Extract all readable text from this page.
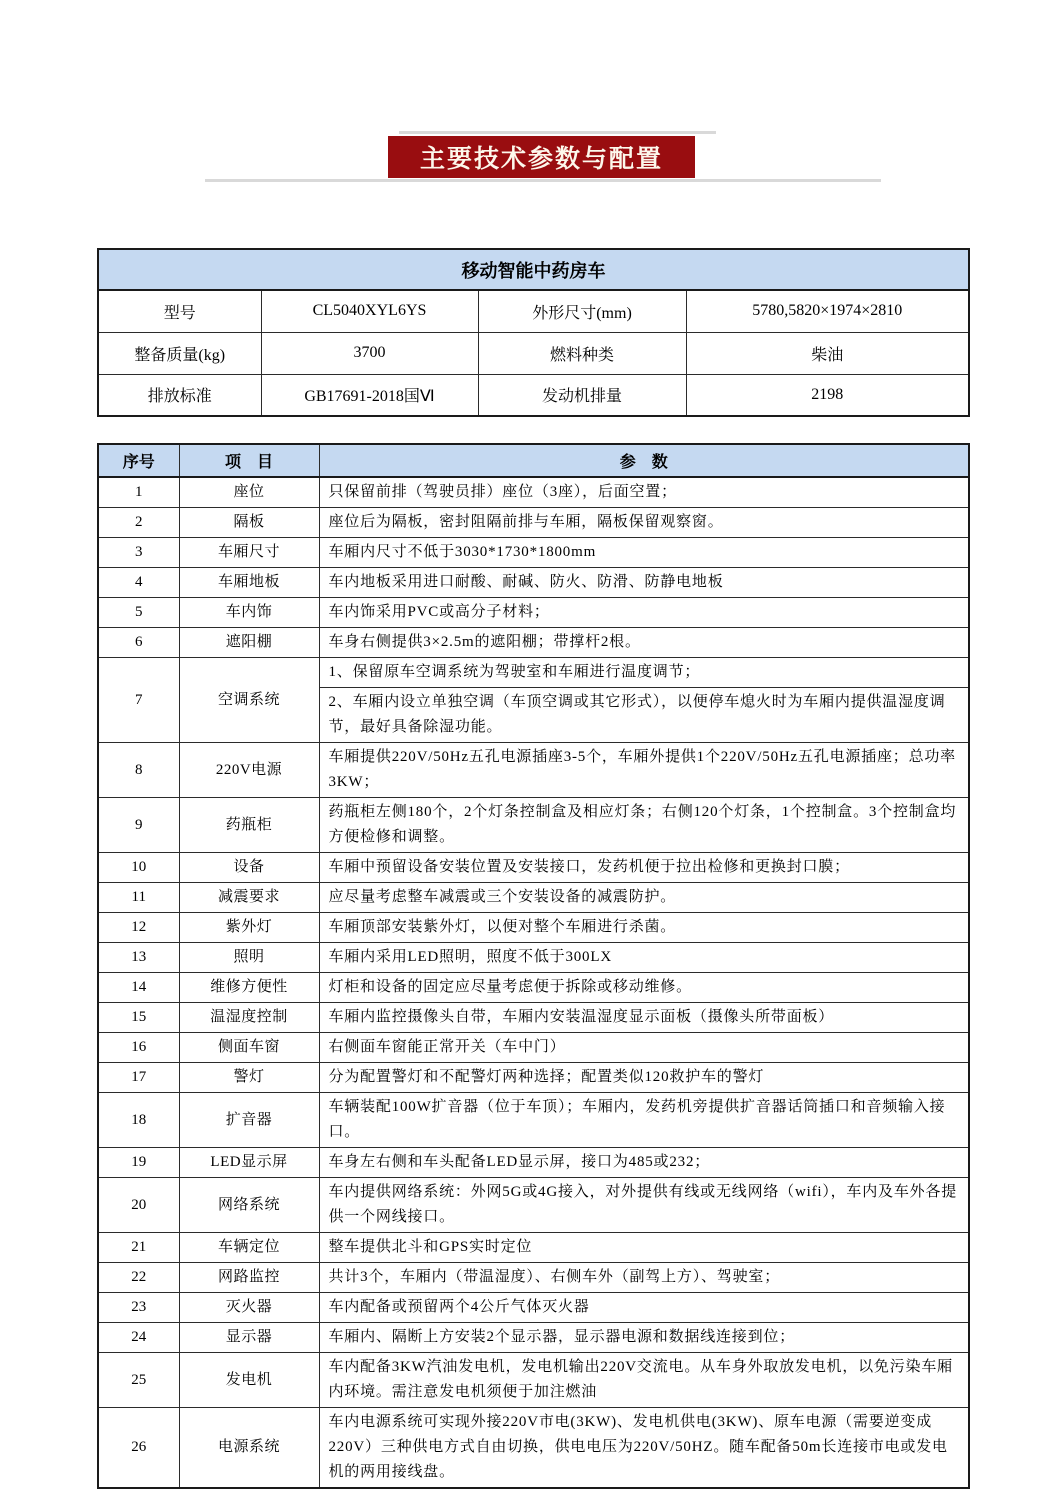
主要技术参数与配置
移动智能中药房车			
型号	CL5040XYL6YS	外形尺寸(mm)	5780,5820×1974×2810
整备质量(kg)	3700	燃料种类	柴油
排放标准	GB17691-2018国Ⅵ	发动机排量	2198
序号	项　目	参　数
1	座位	只保留前排（驾驶员排）座位（3座），后面空置；
2	隔板	座位后为隔板，密封阻隔前排与车厢，隔板保留观察窗。
3	车厢尺寸	车厢内尺寸不低于3030*1730*1800mm
4	车厢地板	车内地板采用进口耐酸、耐碱、防火、防滑、防静电地板
5	车内饰	车内饰采用PVC或高分子材料；
6	遮阳棚	车身右侧提供3×2.5m的遮阳棚；带撑杆2根。
7	空调系统	1、保留原车空调系统为驾驶室和车厢进行温度调节；
		2、车厢内设立单独空调（车顶空调或其它形式），以便停车熄火时为车厢内提供温湿度调节，最好具备除湿功能。
8	220V电源	车厢提供220V/50Hz五孔电源插座3-5个，车厢外提供1个220V/50Hz五孔电源插座；总功率3KW；
9	药瓶柜	药瓶柜左侧180个，2个灯条控制盒及相应灯条；右侧120个灯条，1个控制盒。3个控制盒均方便检修和调整。
10	设备	车厢中预留设备安装位置及安装接口，发药机便于拉出检修和更换封口膜；
11	减震要求	应尽量考虑整车减震或三个安装设备的减震防护。
12	紫外灯	车厢顶部安装紫外灯，以便对整个车厢进行杀菌。
13	照明	车厢内采用LED照明，照度不低于300LX
14	维修方便性	灯柜和设备的固定应尽量考虑便于拆除或移动维修。
15	温湿度控制	车厢内监控摄像头自带，车厢内安装温湿度显示面板（摄像头所带面板）
16	侧面车窗	右侧面车窗能正常开关（车中门）
17	警灯	分为配置警灯和不配警灯两种选择；配置类似120救护车的警灯
18	扩音器	车辆装配100W扩音器（位于车顶）；车厢内，发药机旁提供扩音器话筒插口和音频输入接口。
19	LED显示屏	车身左右侧和车头配备LED显示屏，接口为485或232；
20	网络系统	车内提供网络系统：外网5G或4G接入，对外提供有线或无线网络（wifi），车内及车外各提供一个网线接口。
21	车辆定位	整车提供北斗和GPS实时定位
22	网路监控	共计3个，车厢内（带温湿度）、右侧车外（副驾上方）、驾驶室；
23	灭火器	车内配备或预留两个4公斤气体灭火器
24	显示器	车厢内、隔断上方安装2个显示器，显示器电源和数据线连接到位；
25	发电机	车内配备3KW汽油发电机，发电机输出220V交流电。从车身外取放发电机，以免污染车厢内环境。需注意发电机须便于加注燃油
26	电源系统	车内电源系统可实现外接220V市电(3KW)、发电机供电(3KW)、原车电源（需要逆变成220V）三种供电方式自由切换，供电电压为220V/50HZ。随车配备50m长连接市电或发电机的两用接线盘。
